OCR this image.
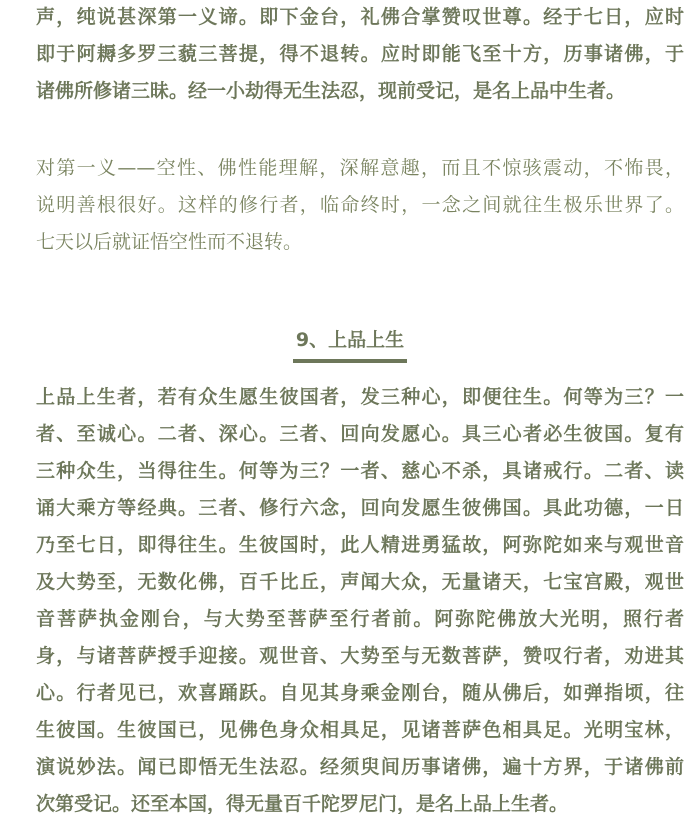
声，纯说甚深第一义谛。即下金台，礼佛合掌赞叹世尊。经于七日，应时
即于阿耨多罗三藐三菩提，得不退转。应时即能飞至十方，历事诸佛，于
诸佛所修诸三昧。经一小劫得无生法忍，现前受记，是名上品中生者。

对第一义——空性、佛性能理解，深解意趣，而且不惊骇震动，不怖畏，
说明善根很好。这样的修行者，临命终时，一念之间就往生极乐世界了。
七天以后就证悟空性而不退转。

9、上品上生

上品上生者，若有众生愿生彼国者，发三种心，即便往生。何等为三？一
者、至诚心。二者、深心。三者、回向发愿心。具三心者必生彼国。复有
三种众生，当得往生。何等为三？一者、慈心不杀，具诸戒行。二者、读
诵大乘方等经典。三者、修行六念，回向发愿生彼佛国。具此功德，一日
乃至七日，即得往生。生彼国时，此人精进勇猛故，阿弥陀如来与观世音
及大势至，无数化佛，百千比丘，声闻大众，无量诸天，七宝宫殿，观世
音菩萨执金刚台，与大势至菩萨至行者前。阿弥陀佛放大光明，照行者
身，与诸菩萨授手迎接。观世音、大势至与无数菩萨，赞叹行者，劝进其
心。行者见已，欢喜踊跃。自见其身乘金刚台，随从佛后，如弹指顷，往
生彼国。生彼国已，见佛色身众相具足，见诸菩萨色相具足。光明宝林，
演说妙法。闻已即悟无生法忍。经须臾间历事诸佛，遍十方界，于诸佛前
次第受记。还至本国，得无量百千陀罗尼门，是名上品上生者。
